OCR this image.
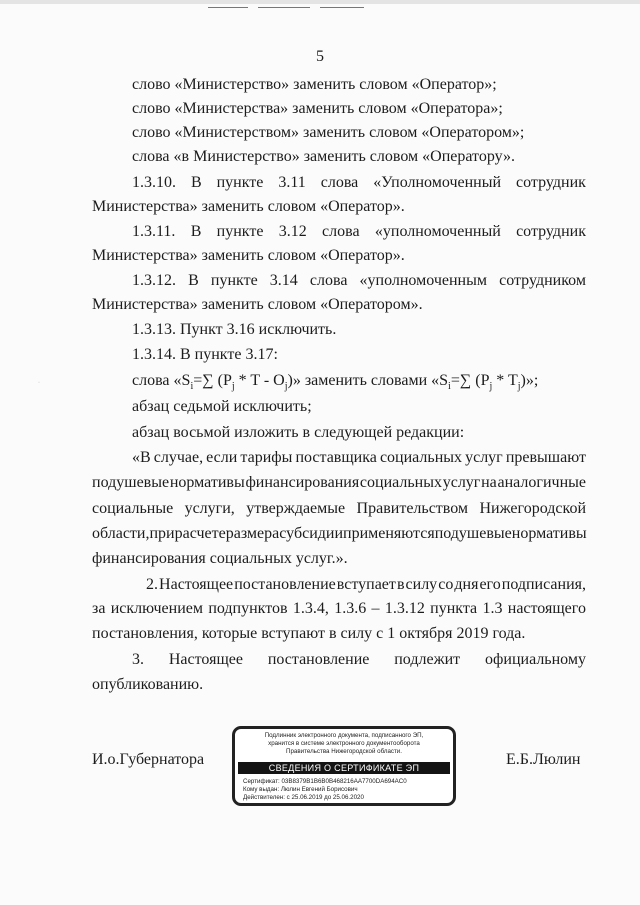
·
5
слово «Министерство» заменить словом «Оператор»;
слово «Министерства» заменить словом «Оператора»;
слово «Министерством» заменить словом «Оператором»;
слова «в Министерство» заменить словом «Оператору».
1.3.10. В пункте 3.11 слова «Уполномоченный сотрудник
Министерства» заменить словом «Оператор».
1.3.11. В пункте 3.12 слова «уполномоченный сотрудник
Министерства» заменить словом «Оператор».
1.3.12. В пункте 3.14 слова «уполномоченным сотрудником
Министерства» заменить словом «Оператором».
1.3.13. Пункт 3.16 исключить.
1.3.14. В пункте 3.17:
слова «$S_i=\sum$ ($P_j$ * T - $O_j$)» заменить словами «$S_i=\sum$ $(P_j * T_j)$»;
абзац седьмой исключить;
абзац восьмой изложить в следующей редакции:
«В случае, если тарифы поставщика социальных услуг превышают
подушевые нормативы финансирования социальных услуг на аналогичные
социальные услуги, утверждаемые Правительством Нижегородской
области, при расчете размера субсидии применяются подушевые нормативы
финансирования социальных услуг.».
2. Настоящее постановление вступает в силу со дня его подписания,
за исключением подпунктов 1.3.4, 1.3.6 – 1.3.12 пункта 1.3 настоящего
постановления, которые вступают в силу с 1 октября 2019 года.
3. Настоящее постановление подлежит официальному
опубликованию.
Подлинник электронного документа, подписанного ЭП,
хранится в системе электронного документооборота
Правительства Нижегородской области.
СВЕДЕНИЯ О СЕРТИФИКАТЕ ЭП
Сертификат: 03B8379B1B6B0B468216AA7700DA694AC0
Кому выдан: Люлин Евгений Борисович
Действителен: с 25.06.2019 до 25.06.2020
И.о.Губернатора	Е.Б.Люлин
